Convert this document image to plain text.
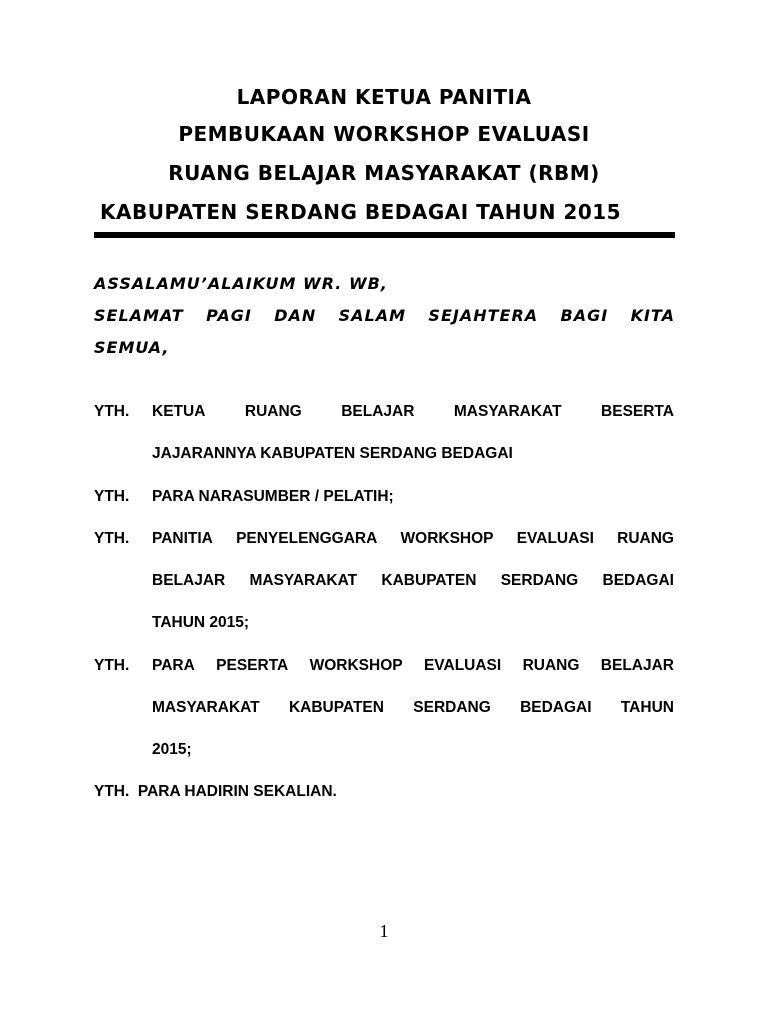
LAPORAN KETUA PANITIA
PEMBUKAAN WORKSHOP EVALUASI
RUANG BELAJAR MASYARAKAT (RBM)
KABUPATEN SERDANG BEDAGAI TAHUN 2015
ASSALAMU’ALAIKUM WR. WB,
SELAMAT PAGI DAN SALAM SEJAHTERA BAGI KITA
SEMUA,
YTH. KETUA	RUANG	BELAJAR	MASYARAKAT	BESERTA
JAJARANNYA KABUPATEN SERDANG BEDAGAI
YTH. PARA NARASUMBER / PELATIH;
YTH. PANITIA PENYELENGGARA WORKSHOP EVALUASI RUANG
BELAJAR MASYARAKAT KABUPATEN SERDANG BEDAGAI
TAHUN 2015;
YTH. PARA PESERTA WORKSHOP EVALUASI RUANG BELAJAR
MASYARAKAT KABUPATEN SERDANG BEDAGAI TAHUN
2015;
YTH.  PARA HADIRIN SEKALIAN.
1
